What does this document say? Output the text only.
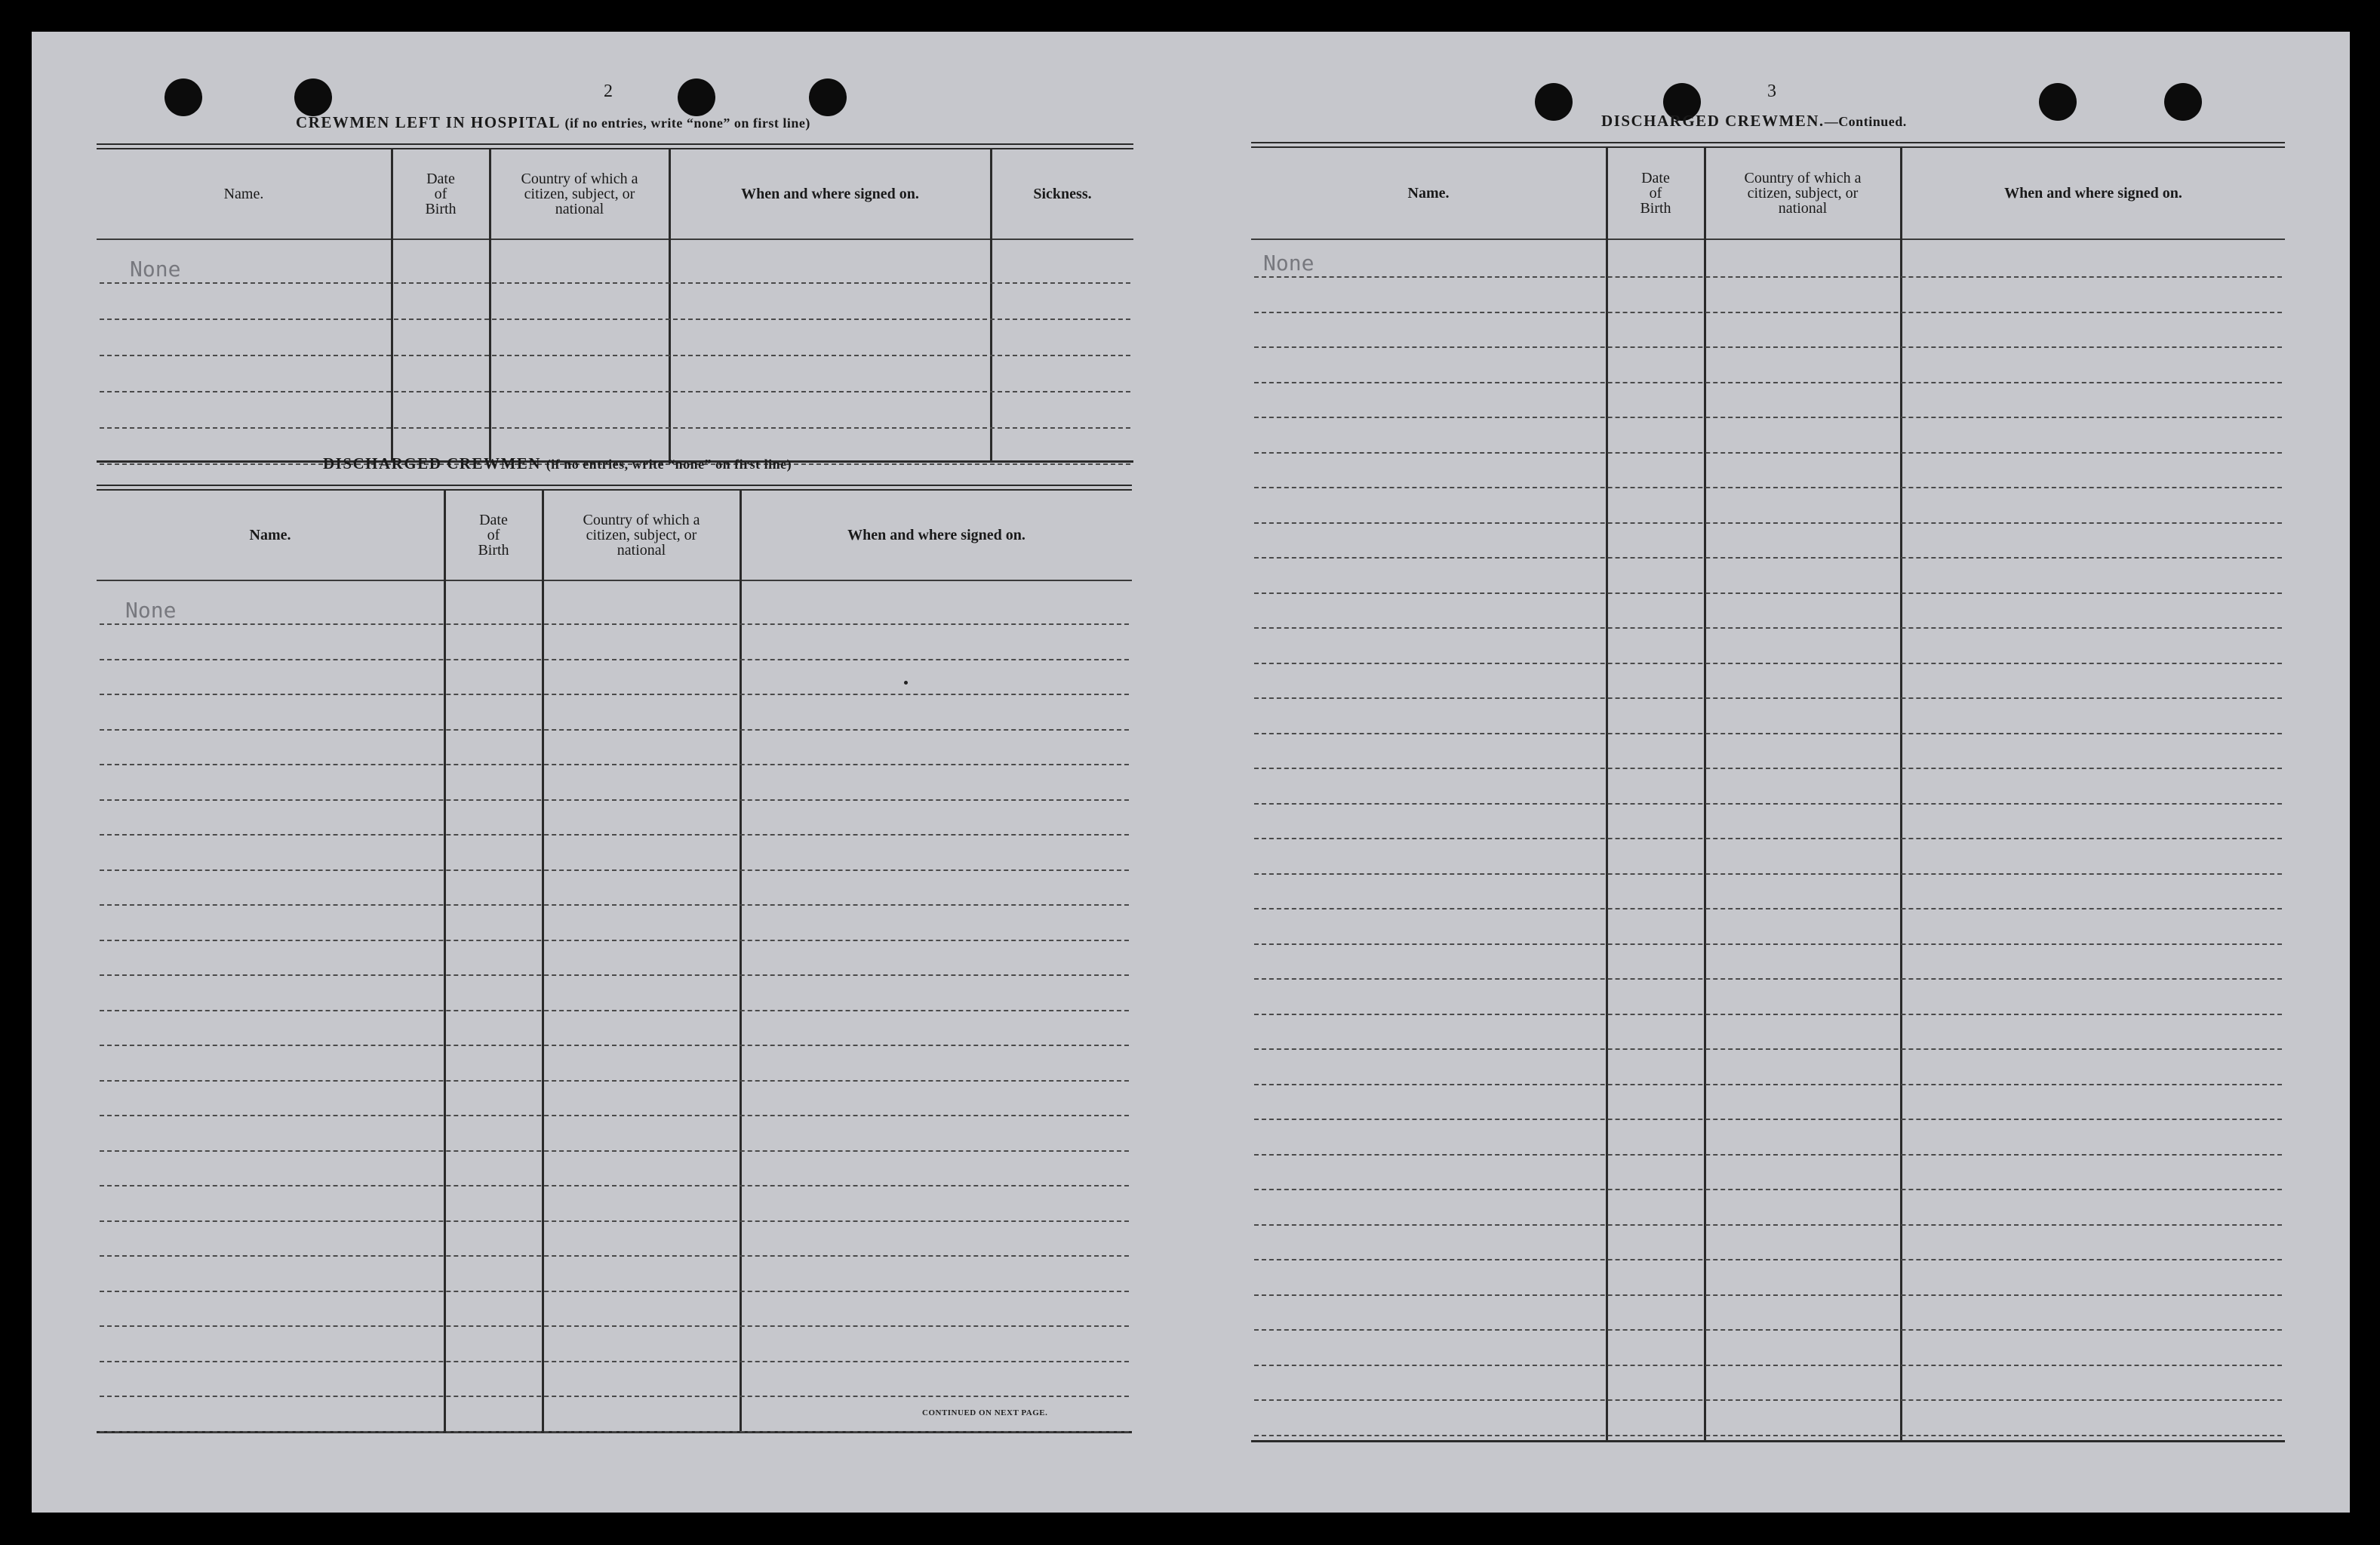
2
CREWMEN LEFT IN HOSPITAL (if no entries, write “none” on first line)
Name.
Date
of
Birth
Country of which a
citizen, subject, or
national
When and where signed on.	Sickness.
None
DISCHARGED CREWMEN (if no entries, write “none” on first line)
Name.
Date
of
Birth
Country of which a
citizen, subject, or
national
When and where signed on.
None
CONTINUED ON NEXT PAGE.
3
DISCHARGED CREWMEN.—Continued.
Name.
Date
of
Birth
Country of which a
citizen, subject, or
national
When and where signed on.
None
